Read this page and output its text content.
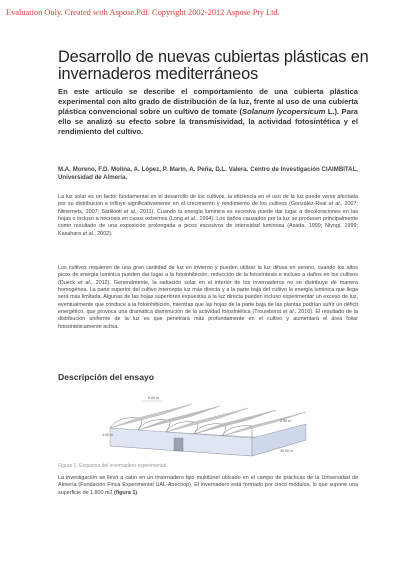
Evaluation Only. Created with Aspose.Pdf. Copyright 2002-2012 Aspose Pty Ltd.
Desarrollo de nuevas cubiertas plásticas en invernaderos mediterráneos
En este artículo se describe el comportamiento de una cubierta plástica experimental con alto grado de distribución de la luz, frente al uso de una cubierta plástica convencional sobre un cultivo de tomate (Solanum lycopersicum L.). Para ello se analizó su efecto sobre la transmisividad, la actividad fotosintética y el rendimiento del cultivo.
M.A. Moreno, F.D. Molina, A. López, P. Marín, A. Peña, D.L. Valera. Centro de Investigación CIAIMBITAL, Universidad de Almería.
La luz solar es un factor fundamental en el desarrollo de los cultivos, la eficiencia en el uso de la luz puede verse afectada por su distribución e influye significativamente en el crecimiento y rendimiento de los cultivos (González-Real et al., 2007; Niinemets, 2007; Sarlikioti et al., 2011). Cuando la energía luminica es excesiva puede dar lugar a decoloraciones en las hojas o incluso a necrosis en casos extremos (Long et al., 1994). Los daños causados por la luz se producen principalmente como resultado de una exposición prolongada a picos excesivos de intensidad luminosa (Asada, 1999; Niyogi, 1999; Kasahara et al., 2002).
Los cultivos requieren de una gran cantidad de luz en invierno y pueden utilizar la luz difusa en verano, cuando los altos picos de energía luminica pueden dar lugar a la fotoinhibición, reducción de la fotosíntesis e incluso a daños en los cultivos (Dueck et al., 2012). Generalmente, la radiación solar en el interior de los invernaderos no se distribuye de manera homogénea. La parte superior del cultivo intercepta luz más directa y a la parte baja del cultivo la energía luminica que llega será más limitada. Algunas de las hojas superiores expuestas a la luz directa pueden incluso experimentar un exceso de luz, eventualmente que conduce a la fotoinhibición, mientras que las hojas de la parte baja de las plantas podrían sufrir un déficit energético, que provoca una dramática disminución de la actividad fotosintética (Trouwborst et al., 2010). El resultado de la distribución uniforme de la luz es que penetrará más profundamente en el cultivo y aumentará el área foliar fotosintéticamente activa.
Descripción del ensayo
6.00 m
4.50 m
30.00 m
2.50 m
Figura 1. Esquema del invernadero experimental.
La investigación se llevó a cabo en un invernadero tipo multitúnel ubicado en el campo de prácticas de la Universidad de Almería (Fundación Finca Experimental UAL-Anecoop). El invernadero está formado por cinco módulos, lo que supone una superficie de 1.800 m2 (figura 1).
